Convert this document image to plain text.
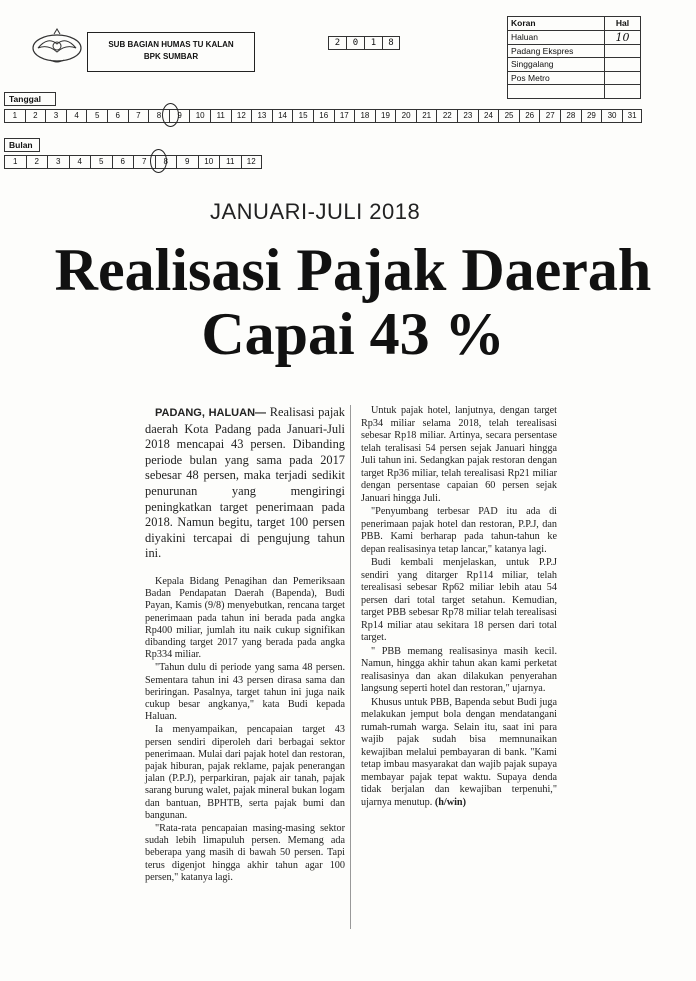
SUB BAGIAN HUMAS TU KALAN
BPK SUMBAR
2	0	1	8
Koran	Hal
Haluan	10
Padang Ekspres	
Singgalang	
Pos Metro	

Tanggal
1	2	3	4	5	6	7	8	9	10	11	12	13	14	15	16	17	18	19	20	21	22	23	24	25	26	27	28	29	30	31
Bulan
1	2	3	4	5	6	7	8	9	10	11	12
JANUARI-JULI 2018
Realisasi Pajak Daerah
Capai 43 %

PADANG, HALUAN— Realisasi pajak daerah Kota Padang pada Januari-Juli 2018 mencapai 43 persen. Dibanding periode bulan yang sama pada 2017 sebesar 48 persen, maka terjadi sedikit penurunan yang mengiringi peningkatkan target penerimaan pada 2018. Namun begitu, target 100 persen diyakini tercapai di pengujung tahun ini.

Kepala Bidang Penagihan dan Pemeriksaan Badan Pendapatan Daerah (Bapenda), Budi Payan, Kamis (9/8) menyebutkan, rencana target penerimaan pada tahun ini berada pada angka Rp400 miliar, jumlah itu naik cukup signifikan dibanding target 2017 yang berada pada angka Rp334 miliar.

"Tahun dulu di periode yang sama 48 persen. Sementara tahun ini 43 persen dirasa sama dan beriringan. Pasalnya, target tahun ini juga naik cukup besar angkanya," kata Budi kepada Haluan.

Ia menyampaikan, pencapaian target 43 persen sendiri diperoleh dari berbagai sektor penerimaan. Mulai dari pajak hotel dan restoran, pajak hiburan, pajak reklame, pajak penerangan jalan (P.P.J), perparkiran, pajak air tanah, pajak sarang burung walet, pajak mineral bukan logam dan bantuan, BPHTB, serta pajak bumi dan bangunan.

"Rata-rata pencapaian masing-masing sektor sudah lebih limapuluh persen. Memang ada beberapa yang masih di bawah 50 persen. Tapi terus digenjot hingga akhir tahun agar 100 persen," katanya lagi.

Untuk pajak hotel, lanjutnya, dengan target Rp34 miliar selama 2018, telah terealisasi sebesar Rp18 miliar. Artinya, secara persentase telah teralisasi 54 persen sejak Januari hingga Juli tahun ini. Sedangkan pajak restoran dengan target Rp36 miliar, telah terealisasi Rp21 miliar dengan persentase capaian 60 persen sejak Januari hingga Juli.

"Penyumbang terbesar PAD itu ada di penerimaan pajak hotel dan restoran, P.P.J, dan PBB. Kami berharap pada tahun-tahun ke depan realisasinya tetap lancar," katanya lagi.

Budi kembali menjelaskan, untuk P.P.J sendiri yang ditarger Rp114 miliar, telah terealisasi sebesar Rp62 miliar lebih atau 54 persen dari total target setahun. Kemudian, target PBB sebesar Rp78 miliar telah terealisasi Rp14 miliar atau sekitara 18 persen dari total target.

" PBB memang realisasinya masih kecil. Namun, hingga akhir tahun akan kami perketat realisasinya dan akan dilakukan penyerahan langsung seperti hotel dan restoran," ujarnya.

Khusus untuk PBB, Bapenda sebut Budi juga melakukan jemput bola dengan mendatangani rumah-rumah warga. Selain itu, saat ini para wajib pajak sudah bisa memnunaikan kewajiban melalui pembayaran di bank. "Kami tetap imbau masyarakat dan wajib pajak supaya membayar pajak tepat waktu. Supaya denda tidak berjalan dan kewajiban terpenuhi," ujarnya menutup. (h/win)
